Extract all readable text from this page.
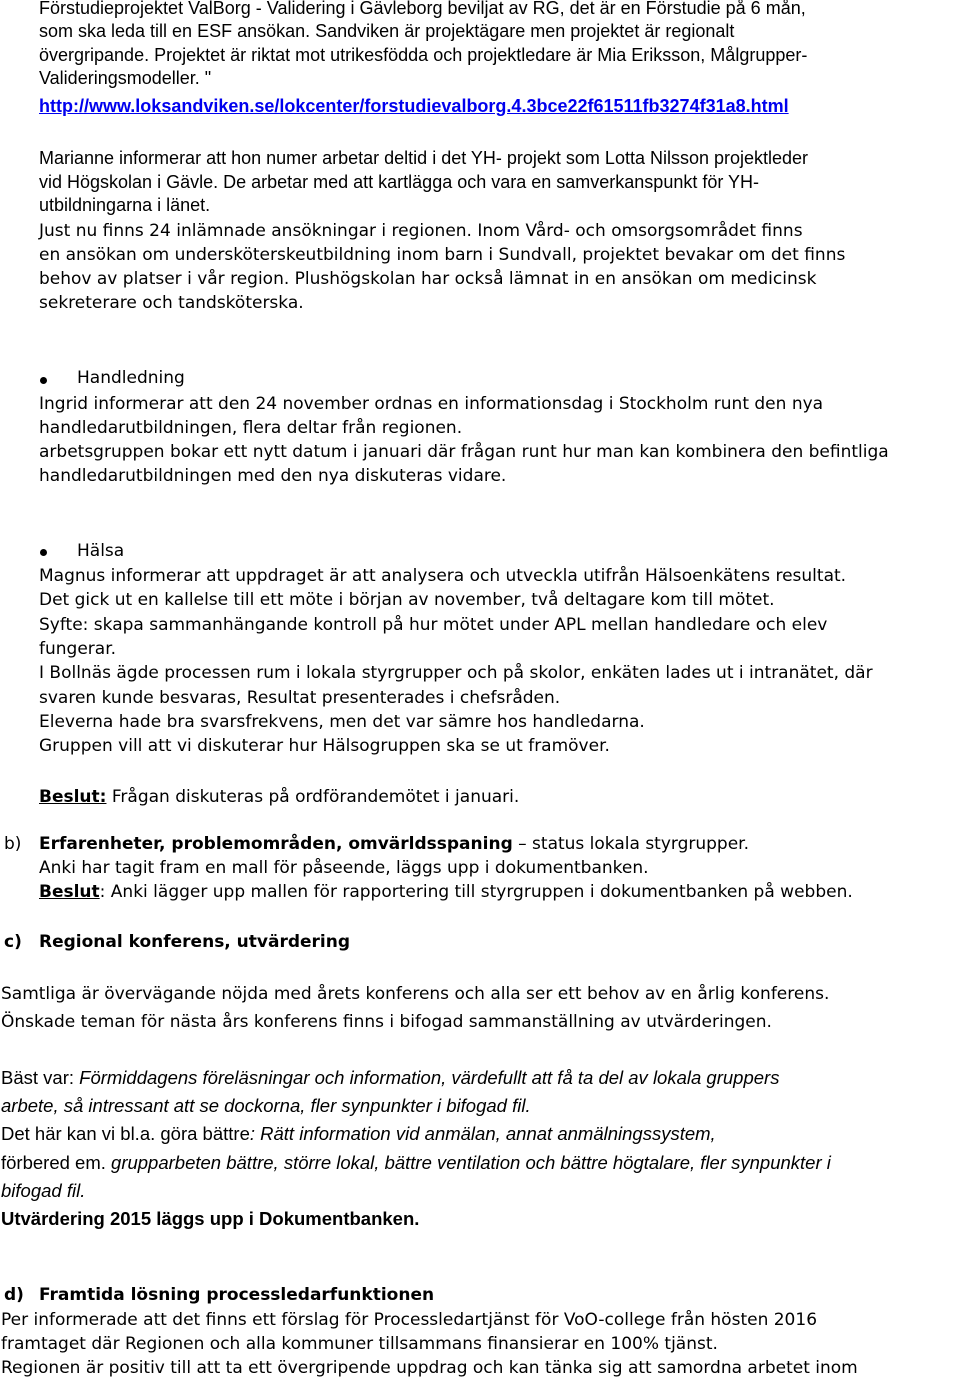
Förstudieprojektet ValBorg - Validering i Gävleborg beviljat av RG, det är en Förstudie på 6 mån,
som ska leda till en ESF ansökan. Sandviken är projektägare men projektet är regionalt
övergripande. Projektet är riktat mot utrikesfödda och projektledare är Mia Eriksson, Målgrupper-
Valideringsmodeller. "
http://www.loksandviken.se/lokcenter/forstudievalborg.4.3bce22f61511fb3274f31a8.html
Marianne informerar att hon numer arbetar deltid i det YH- projekt som Lotta Nilsson projektleder
vid Högskolan i Gävle. De arbetar med att kartlägga och vara en samverkanspunkt för YH-
utbildningarna i länet.
Just nu finns 24 inlämnade ansökningar i regionen. Inom Vård- och omsorgsområdet finns
en ansökan om undersköterskeutbildning inom barn i Sundvall, projektet bevakar om det finns
behov av platser i vår region. Plushögskolan har också lämnat in en ansökan om medicinsk
sekreterare och tandsköterska.
Handledning
Ingrid informerar att den 24 november ordnas en informationsdag i Stockholm runt den nya
handledarutbildningen, flera deltar från regionen.
arbetsgruppen bokar ett nytt datum i januari där frågan runt hur man kan kombinera den befintliga
handledarutbildningen med den nya diskuteras vidare.
Hälsa
Magnus informerar att uppdraget är att analysera och utveckla utifrån Hälsoenkätens resultat.
Det gick ut en kallelse till ett möte i början av november, två deltagare kom till mötet.
Syfte: skapa sammanhängande kontroll på hur mötet under APL mellan handledare och elev
fungerar.
I Bollnäs ägde processen rum i lokala styrgrupper och på skolor, enkäten lades ut i intranätet, där
svaren kunde besvaras, Resultat presenterades i chefsråden.
Eleverna hade bra svarsfrekvens, men det var sämre hos handledarna.
Gruppen vill att vi diskuterar hur Hälsogruppen ska se ut framöver.
Beslut: Frågan diskuteras på ordförandemötet i januari.
b) Erfarenheter, problemområden, omvärldsspaning – status lokala styrgrupper.
Anki har tagit fram en mall för påseende, läggs upp i dokumentbanken.
Beslut: Anki lägger upp mallen för rapportering till styrgruppen i dokumentbanken på webben.
c) Regional konferens, utvärdering
Samtliga är övervägande nöjda med årets konferens och alla ser ett behov av en årlig konferens.
Önskade teman för nästa års konferens finns i bifogad sammanställning av utvärderingen.
Bäst var: Förmiddagens föreläsningar och information, värdefullt att få ta del av lokala gruppers
arbete, så intressant att se dockorna, fler synpunkter i bifogad fil.
Det här kan vi bl.a. göra bättre: Rätt information vid anmälan, annat anmälningssystem,
förbered em. grupparbeten bättre, större lokal, bättre ventilation och bättre högtalare, fler synpunkter i
bifogad fil.
Utvärdering 2015 läggs upp i Dokumentbanken.
d) Framtida lösning processledarfunktionen
Per informerade att det finns ett förslag för Processledartjänst för VoO-college från hösten 2016
framtaget där Regionen och alla kommuner tillsammans finansierar en 100% tjänst.
Regionen är positiv till att ta ett övergripende uppdrag och kan tänka sig att samordna arbetet inom
